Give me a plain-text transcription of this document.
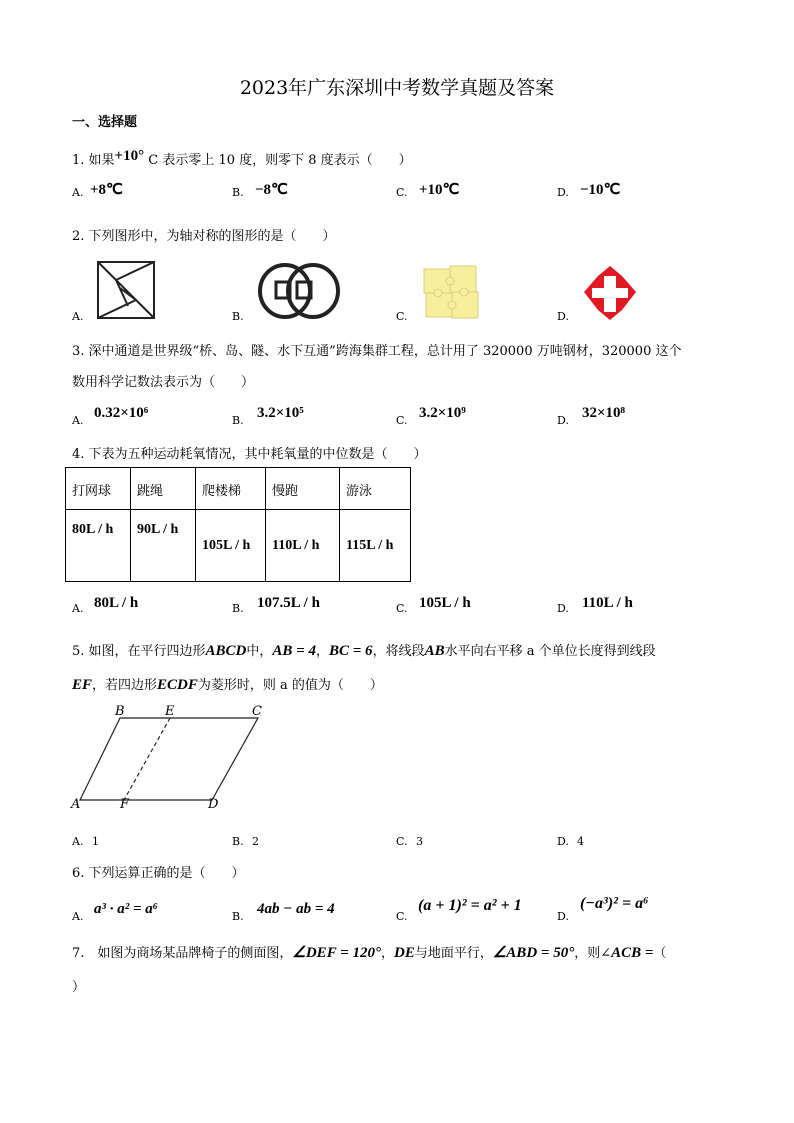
2023年广东深圳中考数学真题及答案
一、选择题
1. 如果+10° C 表示零上 10 度，则零下 8 度表示（　　）
A. +8℃	B. −8℃	C. +10℃	D. −10℃
2. 下列图形中，为轴对称的图形的是（　　）
A.	B.	C.	D.
3. 深中通道是世界级“桥、岛、隧、水下互通”跨海集群工程，总计用了 320000 万吨钢材，320000 这个
数用科学记数法表示为（　　）
A. 0.32×10⁶	B. 3.2×10⁵	C. 3.2×10⁹	D. 32×10⁸
4. 下表为五种运动耗氧情况，其中耗氧量的中位数是（　　）
打网球	跳绳	爬楼梯	慢跑	游泳
80L / h	90L / h	105L / h	110L / h	115L / h
A. 80L / h	B. 107.5L / h	C. 105L / h	D. 110L / h
5. 如图，在平行四边形ABCD中，AB = 4，BC = 6，将线段AB水平向右平移 a 个单位长度得到线段
EF，若四边形ECDF为菱形时，则 a 的值为（　　）
B	E	C
A	F	D
A. 1	B. 2	C. 3	D. 4
6. 下列运算正确的是（　　）
A. a³ · a² = a⁶	B. 4ab − ab = 4	C.
(a + 1)² = a² + 1
D.
(−a³)² = a⁶
7.　如图为商场某品牌椅子的侧面图，∠DEF = 120°，DE与地面平行，∠ABD = 50°，则∠ACB =（
）
